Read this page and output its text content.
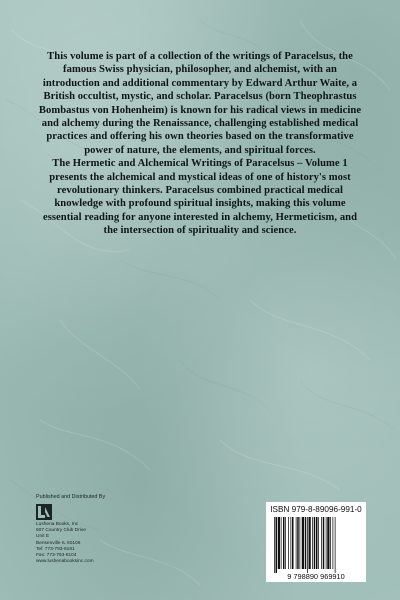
This volume is part of a collection of the writings of Paracelsus, the famous Swiss physician, philosopher, and alchemist, with an introduction and additional commentary by Edward Arthur Waite, a British occultist, mystic, and scholar. Paracelsus (born Theophrastus Bombastus von Hohenheim) is known for his radical views in medicine and alchemy during the Renaissance, challenging established medical practices and offering his own theories based on the transformative power of nature, the elements, and spiritual forces.

The Hermetic and Alchemical Writings of Paracelsus – Volume 1 presents the alchemical and mystical ideas of one of history's most revolutionary thinkers. Paracelsus combined practical medical knowledge with profound spiritual insights, making this volume essential reading for anyone interested in alchemy, Hermeticism, and the intersection of spirituality and science.

Published and Distributed By

Lushena Books, Inc

607 Country Club Drive

Unit E

Bensenville IL 60106

Tel: 773-793-8181

Fax: 773-793-8104

www.lushenabooksinc.com

ISBN 979-8-89096-991-0

9 798890 969910
